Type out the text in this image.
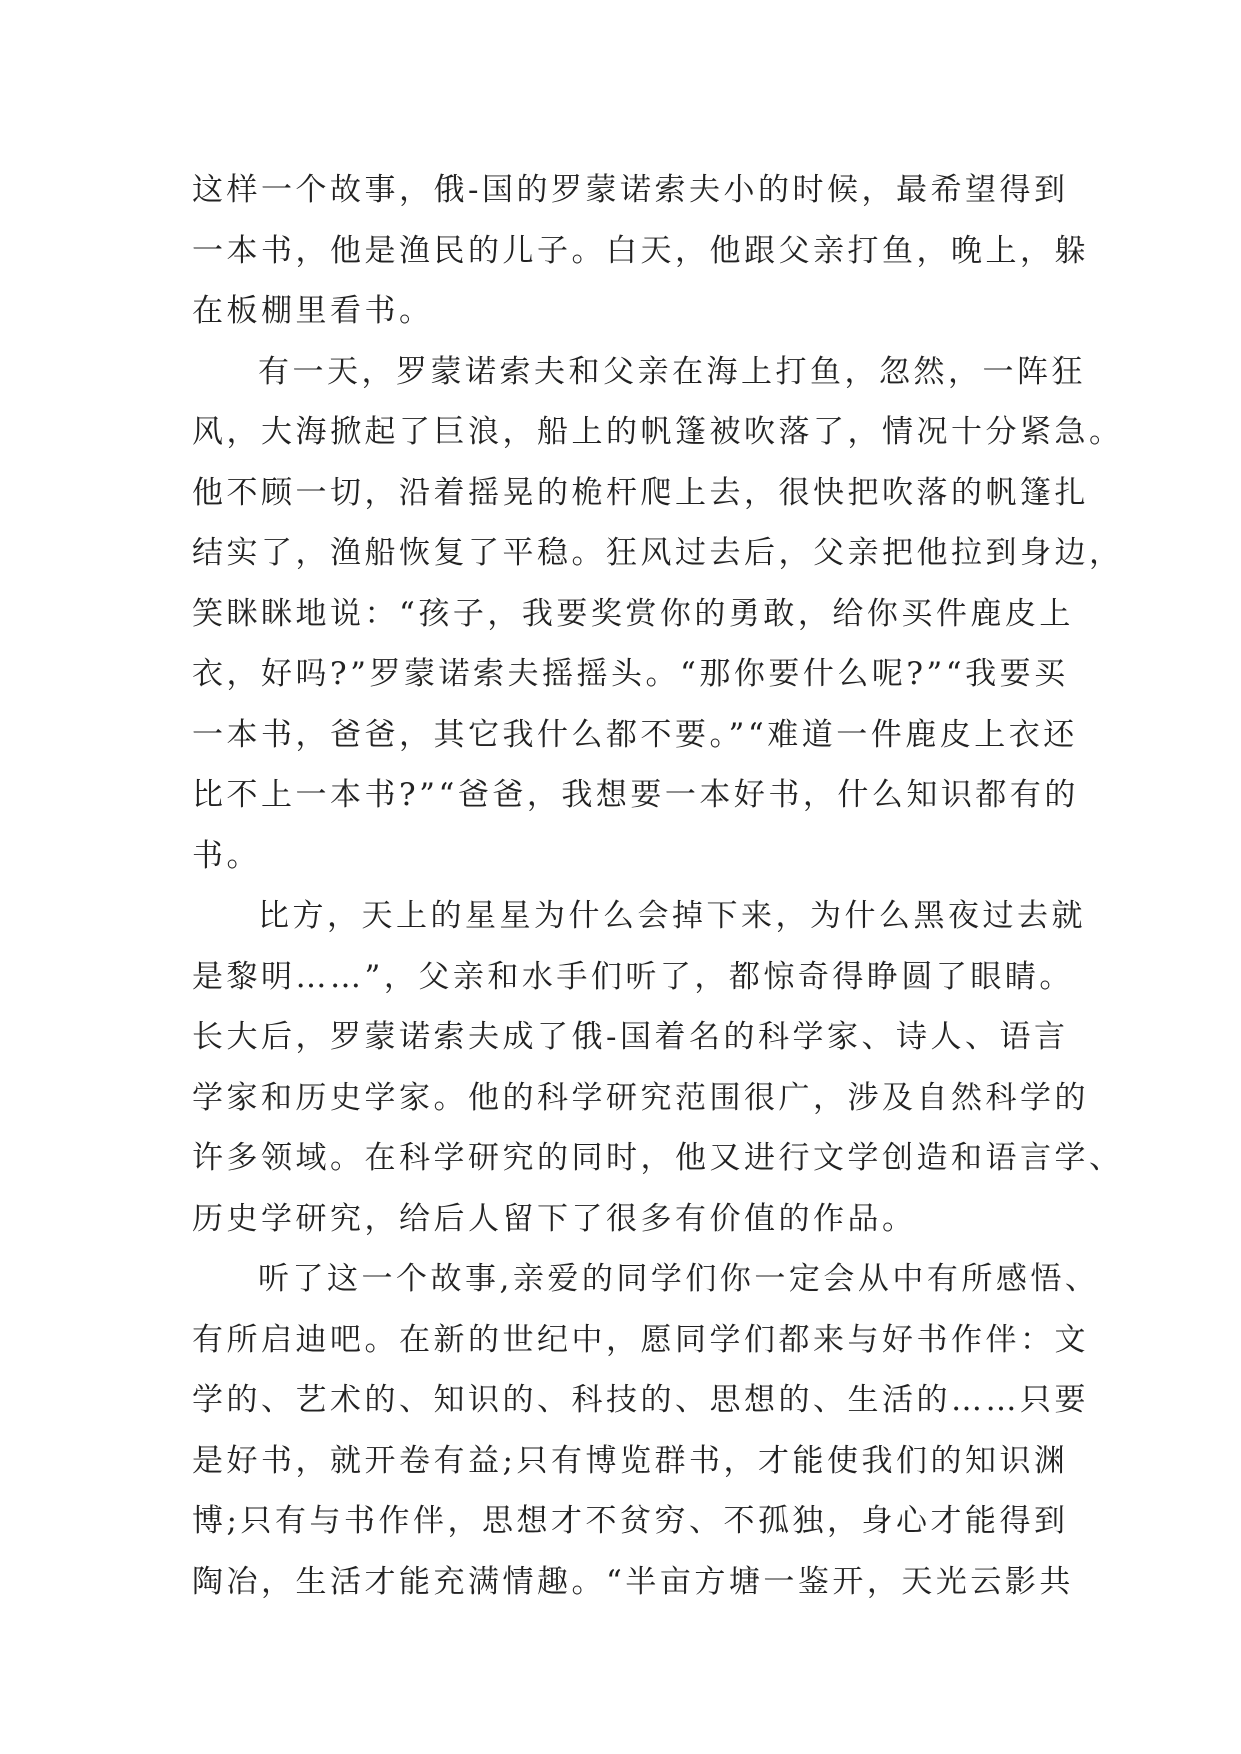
这样一个故事，俄-国的罗蒙诺索夫小的时候，最希望得到
一本书，他是渔民的儿子。白天，他跟父亲打鱼，晚上，躲
在板棚里看书。
有一天，罗蒙诺索夫和父亲在海上打鱼，忽然，一阵狂
风，大海掀起了巨浪，船上的帆篷被吹落了，情况十分紧急。
他不顾一切，沿着摇晃的桅杆爬上去，很快把吹落的帆篷扎
结实了，渔船恢复了平稳。狂风过去后，父亲把他拉到身边，
笑眯眯地说：“孩子，我要奖赏你的勇敢，给你买件鹿皮上
衣，好吗?”罗蒙诺索夫摇摇头。“那你要什么呢?”“我要买
一本书，爸爸，其它我什么都不要。”“难道一件鹿皮上衣还
比不上一本书?”“爸爸，我想要一本好书，什么知识都有的
书。
比方，天上的星星为什么会掉下来，为什么黑夜过去就
是黎明……”，父亲和水手们听了，都惊奇得睁圆了眼睛。
长大后，罗蒙诺索夫成了俄-国着名的科学家、诗人、语言
学家和历史学家。他的科学研究范围很广，涉及自然科学的
许多领域。在科学研究的同时，他又进行文学创造和语言学、
历史学研究，给后人留下了很多有价值的作品。
听了这一个故事,亲爱的同学们你一定会从中有所感悟、
有所启迪吧。在新的世纪中，愿同学们都来与好书作伴：文
学的、艺术的、知识的、科技的、思想的、生活的……只要
是好书，就开卷有益;只有博览群书，才能使我们的知识渊
博;只有与书作伴，思想才不贫穷、不孤独，身心才能得到
陶冶，生活才能充满情趣。“半亩方塘一鉴开，天光云影共
